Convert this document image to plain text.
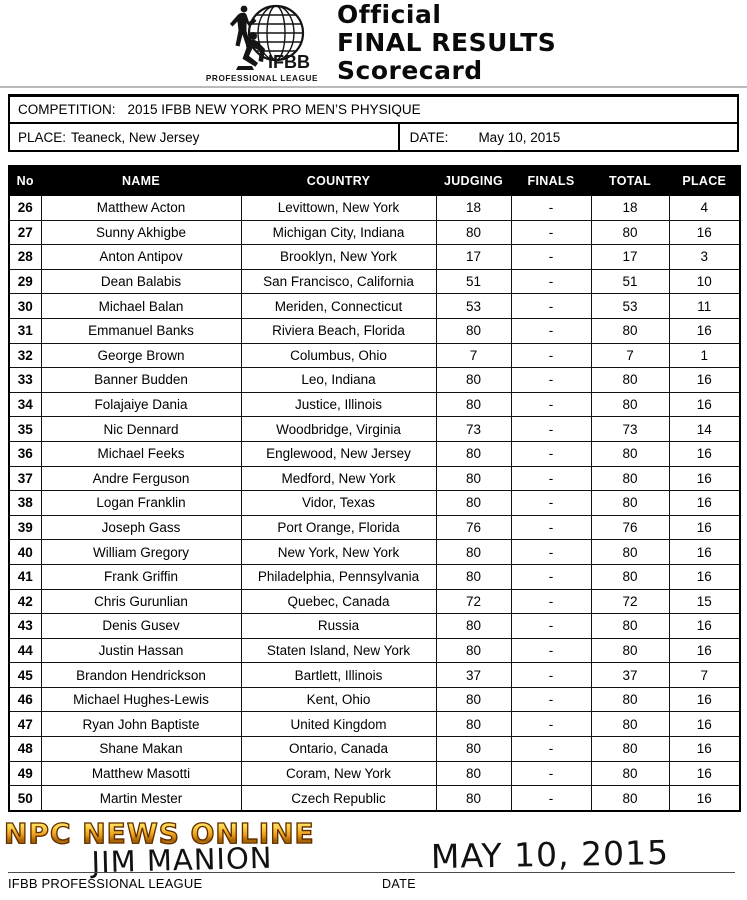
IFBB
PROFESSIONAL LEAGUE
Official
FINAL RESULTS
Scorecard
COMPETITION: 2015 IFBB NEW YORK PRO MEN’S PHYSIQUE
PLACE: Teaneck, New Jersey	DATE: May 10, 2015
No	NAME	COUNTRY	JUDGING	FINALS	TOTAL	PLACE
26	Matthew Acton	Levittown, New York	18	-	18	4
27	Sunny Akhigbe	Michigan City, Indiana	80	-	80	16
28	Anton Antipov	Brooklyn, New York	17	-	17	3
29	Dean Balabis	San Francisco, California	51	-	51	10
30	Michael Balan	Meriden, Connecticut	53	-	53	11
31	Emmanuel Banks	Riviera Beach, Florida	80	-	80	16
32	George Brown	Columbus, Ohio	7	-	7	1
33	Banner Budden	Leo, Indiana	80	-	80	16
34	Folajaiye Dania	Justice, Illinois	80	-	80	16
35	Nic Dennard	Woodbridge, Virginia	73	-	73	14
36	Michael Feeks	Englewood, New Jersey	80	-	80	16
37	Andre Ferguson	Medford, New York	80	-	80	16
38	Logan Franklin	Vidor, Texas	80	-	80	16
39	Joseph Gass	Port Orange, Florida	76	-	76	16
40	William Gregory	New York, New York	80	-	80	16
41	Frank Griffin	Philadelphia, Pennsylvania	80	-	80	16
42	Chris Gurunlian	Quebec, Canada	72	-	72	15
43	Denis Gusev	Russia	80	-	80	16
44	Justin Hassan	Staten Island, New York	80	-	80	16
45	Brandon Hendrickson	Bartlett, Illinois	37	-	37	7
46	Michael Hughes-Lewis	Kent, Ohio	80	-	80	16
47	Ryan John Baptiste	United Kingdom	80	-	80	16
48	Shane Makan	Ontario, Canada	80	-	80	16
49	Matthew Masotti	Coram, New York	80	-	80	16
50	Martin Mester	Czech Republic	80	-	80	16
NPC NEWS ONLINE
JIM MANION	MAY 10, 2015
IFBB PROFESSIONAL LEAGUE	DATE
